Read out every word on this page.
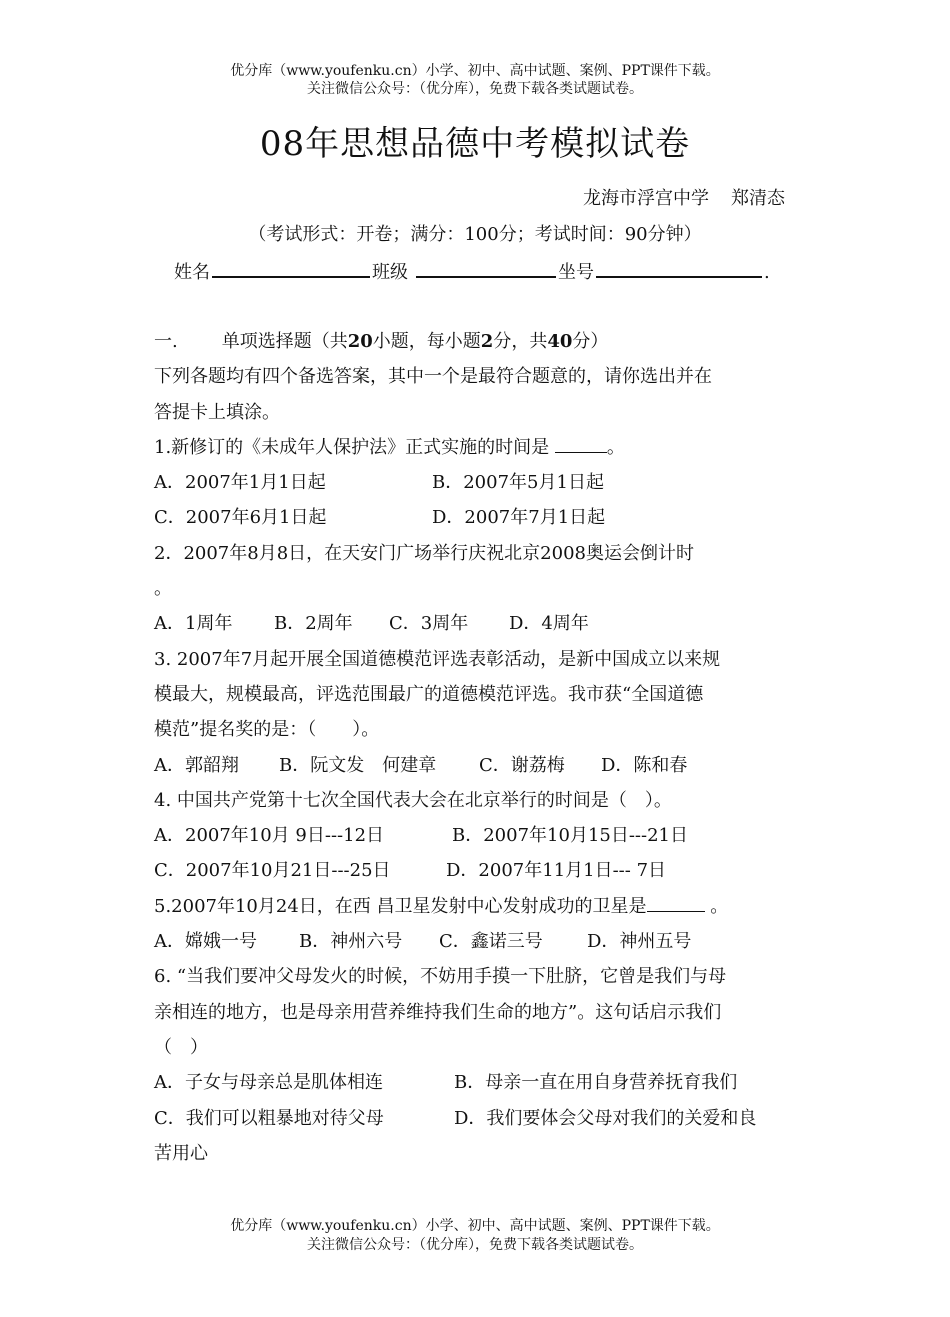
优分库（www.youfenku.cn）小学、初中、高中试题、案例、PPT课件下载。
关注微信公众号：（优分库），免费下载各类试题试卷。
08年思想品德中考模拟试卷
龙海市浮宫中学 郑清态
（考试形式：开卷；满分：100分；考试时间：90分钟）
姓名	班级	坐号	.
一. 单项选择题（共20小题，每小题2分，共40分）
下列各题均有四个备选答案，其中一个是最符合题意的，请你选出并在
答提卡上填涂。
1.新修订的《未成年人保护法》正式实施的时间是	。
A．2007年1月1日起	B．2007年5月1日起
C．2007年6月1日起	D．2007年7月1日起
2．2007年8月8日，在天安门广场举行庆祝北京2008奥运会倒计时
。
A．1周年 B．2周年 C．3周年 D．4周年
3. 2007年7月起开展全国道德模范评选表彰活动，是新中国成立以来规
模最大，规模最高，评选范围最广的道德模范评选。我市获“全国道德
模范”提名奖的是：（　　）。
A．郭韶翔 B．阮文发　何建章 C．谢荔梅 D．陈和春
4. 中国共产党第十七次全国代表大会在北京举行的时间是（　）。
A．2007年10月 9日---12日	B．2007年10月15日---21日
C．2007年10月21日---25日	D．2007年11月1日--- 7日
5.2007年10月24日，在西 昌卫星发射中心发射成功的卫星是	。
A．嫦娥一号 B．神州六号 C．鑫诺三号 D．神州五号
6. “当我们要冲父母发火的时候，不妨用手摸一下肚脐，它曾是我们与母
亲相连的地方，也是母亲用营养维持我们生命的地方”。这句话启示我们
（　）
A．子女与母亲总是肌体相连	B．母亲一直在用自身营养抚育我们
C．我们可以粗暴地对待父母	D．我们要体会父母对我们的关爱和良
苦用心
优分库（www.youfenku.cn）小学、初中、高中试题、案例、PPT课件下载。
关注微信公众号：（优分库），免费下载各类试题试卷。
